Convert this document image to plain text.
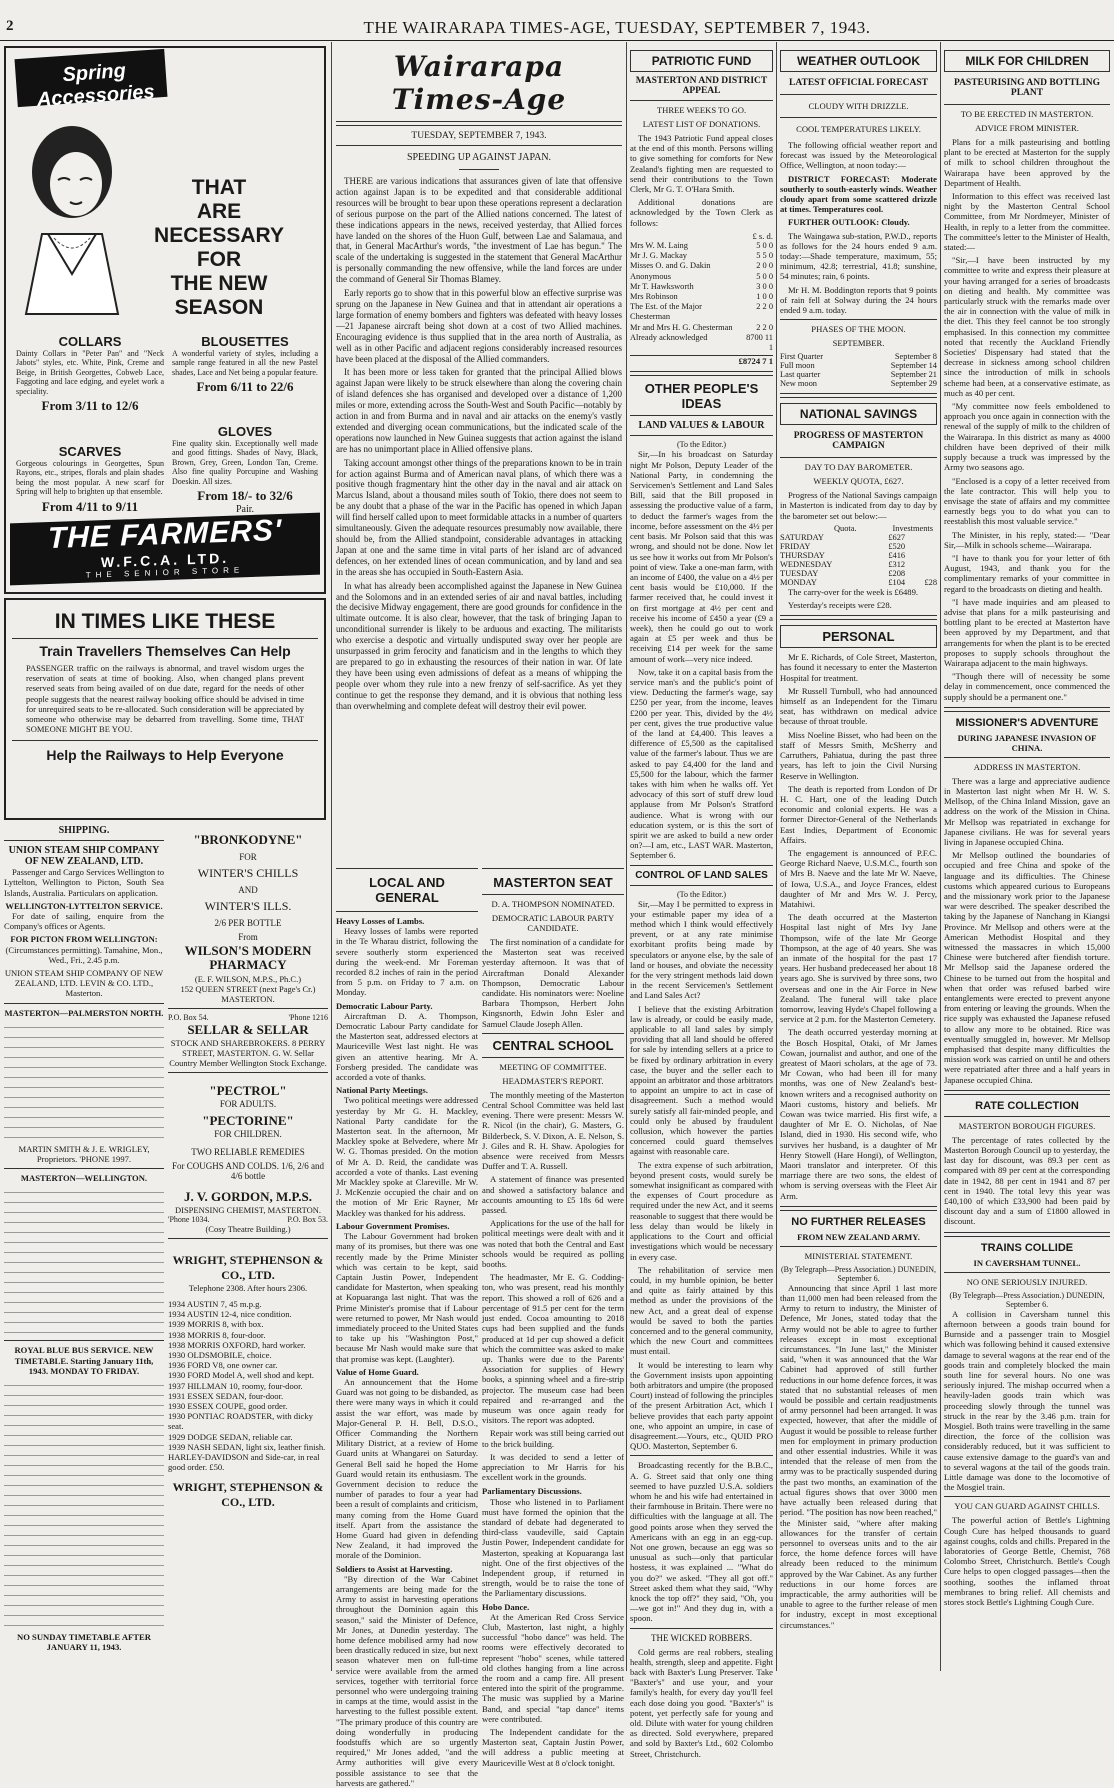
2	THE WAIRARAPA TIMES-AGE, TUESDAY, SEPTEMBER 7, 1943.
Spring Accessories
THAT
ARE
NECESSARY
FOR
THE NEW
SEASON
COLLARS
Dainty Collars in "Peter Pan" and "Neck Jabots" styles, etc. White, Pink, Creme and Beige, in British Georgettes, Cobweb Lace, Faggoting and lace edging, and eyelet work a speciality.
From 3/11 to 12/6
BLOUSETTES
A wonderful variety of styles, including a sample range featured in all the new Pastel shades, Lace and Net being a popular feature.
From 6/11 to 22/6
SCARVES
Gorgeous colourings in Georgettes, Spun Rayons, etc., stripes, florals and plain shades being the most popular. A new scarf for Spring will help to brighten up that ensemble.
From 4/11 to 9/11
GLOVES
Fine quality skin. Exceptionally well made and good fittings. Shades of Navy, Black, Brown, Grey, Green, London Tan, Creme. Also fine quality Porcupine and Washing Doeskin. All sizes.
From 18/- to 32/6
Pair.
THE FARMERS'
W.F.C.A. LTD.
THE SENIOR STORE
IN TIMES LIKE THESE
Train Travellers Themselves Can Help
PASSENGER traffic on the railways is abnormal, and travel wisdom urges the reservation of seats at time of booking. Also, when changed plans prevent reserved seats from being availed of on due date, regard for the needs of other people suggests that the nearest railway booking office should be advised in time for unrequired seats to be re-allocated. Such consideration will be appreciated by someone who otherwise may be debarred from travelling. Some time, THAT SOMEONE MIGHT BE YOU.
Help the Railways to Help Everyone
SHIPPING.
UNION STEAM SHIP COMPANY OF NEW ZEALAND, LTD.

Passenger and Cargo Services Wellington to Lyttelton, Wellington to Picton, South Sea Islands, Australia. Particulars on application.

WELLINGTON-LYTTELTON SERVICE.

For date of sailing, enquire from the Company's offices or Agents.

FOR PICTON FROM WELLINGTON:
(Circumstances permitting). Tamahine, Mon., Wed., Fri., 2.45 p.m.
UNION STEAM SHIP COMPANY OF NEW ZEALAND, LTD. LEVIN & CO. LTD., Masterton.
MASTERTON—PALMERSTON NORTH.
MARTIN SMITH & J. E. WRIGLEY, Proprietors. 'PHONE 1997.
MASTERTON—WELLINGTON.
ROYAL BLUE BUS SERVICE. NEW TIMETABLE. Starting January 11th, 1943. MONDAY TO FRIDAY.
NO SUNDAY TIMETABLE AFTER JANUARY 11, 1943.
"BRONKODYNE"
FOR
WINTER'S CHILLS
AND
WINTER'S ILLS.
2/6 PER BOTTLE
From
WILSON'S MODERN PHARMACY
(E. F. WILSON, M.P.S., Ph.C.)
152 QUEEN STREET (next Page's Cr.) MASTERTON.
P.O. Box 54.	'Phone 1216
SELLAR & SELLAR
STOCK AND SHAREBROKERS. 8 PERRY STREET, MASTERTON. G. W. Sellar Country Member Wellington Stock Exchange.
"PECTROL"
FOR ADULTS.
"PECTORINE"
FOR CHILDREN.
TWO RELIABLE REMEDIES
For COUGHS AND COLDS. 1/6, 2/6 and 4/6 bottle
J. V. GORDON, M.P.S.
DISPENSING CHEMIST, MASTERTON.
'Phone 1034.	P.O. Box 53.
(Cosy Theatre Building.)
WRIGHT, STEPHENSON & CO., LTD.
Telephone 2308. After hours 2306.
1934 AUSTIN 7, 45 m.p.g.
1934 AUSTIN 12-4, nice condition.
1939 MORRIS 8, with box.
1938 MORRIS 8, four-door.
1938 MORRIS OXFORD, hard worker.
1930 OLDSMOBILE, choice.
1936 FORD V8, one owner car.
1930 FORD Model A, well shod and kept.
1937 HILLMAN 10, roomy, four-door.
1931 ESSEX SEDAN, four-door.
1930 ESSEX COUPE, good order.
1930 PONTIAC ROADSTER, with dicky seat.
1929 DODGE SEDAN, reliable car.
1939 NASH SEDAN, light six, leather finish.
HARLEY-DAVIDSON and Side-car, in real good order. £50.
WRIGHT, STEPHENSON & CO., LTD.
Wairarapa Times-Age
TUESDAY, SEPTEMBER 7, 1943.
SPEEDING UP AGAINST JAPAN.

THERE are various indications that assurances given of late that offensive action against Japan is to be expedited and that considerable additional resources will be brought to bear upon these operations represent a declaration of serious purpose on the part of the Allied nations concerned. The latest of these indications appears in the news, received yesterday, that Allied forces have landed on the shores of the Huon Gulf, between Lae and Salamaua, and that, in General MacArthur's words, "the investment of Lae has begun." The scale of the undertaking is suggested in the statement that General MacArthur is personally commanding the new offensive, while the land forces are under the command of General Sir Thomas Blamey.

Early reports go to show that in this powerful blow an effective surprise was sprung on the Japanese in New Guinea and that in attendant air operations a large formation of enemy bombers and fighters was defeated with heavy losses—21 Japanese aircraft being shot down at a cost of two Allied machines. Encouraging evidence is thus supplied that in the area north of Australia, as well as in other Pacific and adjacent regions considerably increased resources have been placed at the disposal of the Allied commanders.

It has been more or less taken for granted that the principal Allied blows against Japan were likely to be struck elsewhere than along the covering chain of island defences she has organised and developed over a distance of 1,200 miles or more, extending across the South-West and South Pacific—notably by action in and from Burma and in naval and air attacks on the enemy's vastly extended and diverging ocean communications, but the indicated scale of the operations now launched in New Guinea suggests that action against the island are has no unimportant place in Allied offensive plans.

Taking account amongst other things of the preparations known to be in train for action against Burma and of American naval plans, of which there was a positive though fragmentary hint the other day in the naval and air attack on Marcus Island, about a thousand miles south of Tokio, there does not seem to be any doubt that a phase of the war in the Pacific has opened in which Japan will find herself called upon to meet formidable attacks in a number of quarters simultaneously. Given the adequate resources presumably now available, there should be, from the Allied standpoint, considerable advantages in attacking Japan at one and the same time in vital parts of her island arc of advanced defences, on her extended lines of ocean communication, and by land and sea in the areas she has occupied in South-Eastern Asia.

In what has already been accomplished against the Japanese in New Guinea and the Solomons and in an extended series of air and naval battles, including the decisive Midway engagement, there are good grounds for confidence in the ultimate outcome. It is also clear, however, that the task of bringing Japan to unconditional surrender is likely to be arduous and exacting. The militarists who exercise a despotic and virtually undisputed sway over her people are unsurpassed in grim ferocity and fanaticism and in the lengths to which they are prepared to go in exhausting the resources of their nation in war. Of late they have been using even admissions of defeat as a means of whipping the people over whom they rule into a new frenzy of self-sacrifice. As yet they continue to get the response they demand, and it is obvious that nothing less than overwhelming and complete defeat will destroy their evil power.

LOCAL AND GENERAL
Heavy Losses of Lambs.

Heavy losses of lambs were reported in the Te Wharau district, following the severe southerly storm experienced during the week-end. Mr Foreman recorded 8.2 inches of rain in the period from 5 p.m. on Friday to 7 a.m. on Monday.

Democratic Labour Party.

Aircraftman D. A. Thompson, Democratic Labour Party candidate for the Masterton seat, addressed electors at Mauriceville West last night. He was given an attentive hearing. Mr A. Forsberg presided. The candidate was accorded a vote of thanks.

National Party Meetings.

Two political meetings were addressed yesterday by Mr G. H. Mackley, National Party candidate for the Masterton seat. In the afternoon, Mr Mackley spoke at Belvedere, where Mr W. G. Thomas presided. On the motion of Mr A. D. Reid, the candidate was accorded a vote of thanks. Last evening Mr Mackley spoke at Clareville. Mr W. J. McKenzie occupied the chair and on the motion of Mr Eric Rayner, Mr Mackley was thanked for his address.

Labour Government Promises.

The Labour Government had broken many of its promises, but there was one recently made by the Prime Minister which was certain to be kept, said Captain Justin Power, Independent candidate for Masterton, when speaking at Kopuaranga last night. That was the Prime Minister's promise that if Labour were returned to power, Mr Nash would immediately proceed to the United States to take up his "Washington Post," because Mr Nash would make sure that that promise was kept. (Laughter).

Value of Home Guard.

An announcement that the Home Guard was not going to be disbanded, as there were many ways in which it could assist the war effort, was made by Major-General P. H. Bell, D.S.O., Officer Commanding the Northern Military District, at a review of Home Guard units at Whangarei on Saturday. General Bell said he hoped the Home Guard would retain its enthusiasm. The Government decision to reduce the number of parades to four a year had been a result of complaints and criticism, many coming from the Home Guard itself. Apart from the assistance the Home Guard had given in defending New Zealand, it had improved the morale of the Dominion.

Soldiers to Assist at Harvesting.

"By direction of the War Cabinet arrangements are being made for the Army to assist in harvesting operations throughout the Dominion again this season," said the Minister of Defence, Mr Jones, at Dunedin yesterday. The home defence mobilised army had now been drastically reduced in size, but next season whatever men on full-time service were available from the armed services, together with territorial force personnel who were undergoing training in camps at the time, would assist in the harvesting to the fullest possible extent. "The primary produce of this country are doing wonderfully in producing foodstuffs which are so urgently required," Mr Jones added, "and the Army authorities will give every possible assistance to see that the harvests are gathered."

MASTERTON SEAT
D. A. THOMPSON NOMINATED.
DEMOCRATIC LABOUR PARTY CANDIDATE.

The first nomination of a candidate for the Masterton seat was received yesterday afternoon. It was that of Aircraftman Donald Alexander Thompson, Democratic Labour candidate. His nominators were: Noeline Barbara Thompson, Herbert John Kingsnorth, Edwin John Esler and Samuel Claude Joseph Allen.

CENTRAL SCHOOL
MEETING OF COMMITTEE.
HEADMASTER'S REPORT.

The monthly meeting of the Masterton Central School Committee was held last evening. There were present: Messrs W. R. Nicol (in the chair), G. Masters, G. Bilderbeck, S. V. Dixon, A. E. Nelson, S. J. Giles and R. H. Shaw. Apologies for absence were received from Messrs Duffer and T. A. Russell.

A statement of finance was presented and showed a satisfactory balance and accounts amounting to £5 18s 6d were passed.

Applications for the use of the hall for political meetings were dealt with and it was noted that both the Central and East schools would be required as polling booths.

The headmaster, Mr E. G. Codding-ton, who was present, read his monthly report. This showed a roll of 626 and a percentage of 91.5 per cent for the term just ended. Cocoa amounting to 2018 cups had been supplied and the funds produced at 1d per cup showed a deficit which the committee was asked to make up. Thanks were due to the Parents' Association for supplies of Hewry books, a spinning wheel and a fire-strip projector. The museum case had been repaired and re-arranged and the museum was once again ready for visitors. The report was adopted.

Repair work was still being carried out to the brick building.

It was decided to send a letter of appreciation to Mr Harris for his excellent work in the grounds.

Parliamentary Discussions.

Those who listened in to Parliament must have formed the opinion that the standard of debate had degenerated to third-class vaudeville, said Captain Justin Power, Independent candidate for Masterton, speaking at Kopuaranga last night. One of the first objectives of the Independent group, if returned in strength, would be to raise the tone of the Parliamentary discussions.

Hobo Dance.

At the American Red Cross Service Club, Masterton, last night, a highly successful "hobo dance" was held. The rooms were effectively decorated to represent "hobo" scenes, while tattered old clothes hanging from a line across the room and a camp fire. All present entered into the spirit of the programme. The music was supplied by a Marine Band, and special "tap dance" items were contributed.

The Independent candidate for the Masterton seat, Captain Justin Power, will address a public meeting at Mauriceville West at 8 o'clock tonight.

PATRIOTIC FUND
MASTERTON AND DISTRICT APPEAL
THREE WEEKS TO GO.
LATEST LIST OF DONATIONS.

The 1943 Patriotic Fund appeal closes at the end of this month. Persons willing to give something for comforts for New Zealand's fighting men are requested to send their contributions to the Town Clerk, Mr G. T. O'Hara Smith.

Additional donations are acknowledged by the Town Clerk as follows:

£ s. d.
Mrs W. M. Laing	5 0 0
Mr J. G. Mackay	5 5 0
Misses O. and G. Dakin	2 0 0
Anonymous	5 0 0
Mr T. Hawksworth	3 0 0
Mrs Robinson	1 0 0
The Est. of the Major Chesterman	2 2 0
Mr and Mrs H. G. Chesterman	2 2 0
Already acknowledged	8700 11 1
£8724 7 1
OTHER PEOPLE'S IDEAS
LAND VALUES & LABOUR
(To the Editor.)

Sir,—In his broadcast on Saturday night Mr Polson, Deputy Leader of the National Party, in condemning the Servicemen's Settlement and Land Sales Bill, said that the Bill proposed in assessing the productive value of a farm, to deduct the farmer's wages from the income, before assessment on the 4½ per cent basis. Mr Polson said that this was wrong, and should not be done. Now let us see how it works out from Mr Polson's point of view. Take a one-man farm, with an income of £400, the value on a 4½ per cent basis would be £10,000. If the farmer received that, he could invest it on first mortgage at 4½ per cent and receive his income of £450 a year (£9 a week), then he could go out to work again at £5 per week and thus be receiving £14 per week for the same amount of work—very nice indeed.

Now, take it on a capital basis from the service man's and the public's point of view. Deducting the farmer's wage, say £250 per year, from the income, leaves £200 per year. This, divided by the 4½ per cent, gives the true productive value of the land at £4,400. This leaves a difference of £5,500 as the capitalised value of the farmer's labour. Thus we are asked to pay £4,400 for the land and £5,500 for the labour, which the farmer takes with him when he walks off. Yet advocacy of this sort of stuff drew loud applause from Mr Polson's Stratford audience. What is wrong with our education system, or is this the sort of spirit we are asked to build a new order on?—I am, etc., LAST WAR. Masterton, September 6.

CONTROL OF LAND SALES
(To the Editor.)

Sir,—May I be permitted to express in your estimable paper my idea of a method which I think would effectively prevent, or at any rate minimise exorbitant profits being made by speculators or anyone else, by the sale of land or houses, and obviate the necessity for the very stringent methods laid down in the recent Servicemen's Settlement and Land Sales Act?

I believe that the existing Arbitration law is already, or could be easily made, applicable to all land sales by simply providing that all land should be offered for sale by intending sellers at a price to be fixed by ordinary arbitration in every case, the buyer and the seller each to appoint an arbitrator and those arbitrators to appoint an umpire to act in case of disagreement. Such a method would surely satisfy all fair-minded people, and could only be abused by fraudulent collusion, which however the parties concerned could guard themselves against with reasonable care.

The extra expense of such arbitration, beyond present costs, would surely be somewhat insignificant as compared with the expenses of Court procedure as required under the new Act, and it seems reasonable to suggest that there would be less delay than would be likely in applications to the Court and official investigations which would be necessary in every case.

The rehabilitation of service men could, in my humble opinion, be better and quite as fairly attained by this method as under the provisions of the new Act, and a great deal of expense would be saved to both the parties concerned and to the general community, which the new Court and committees must entail.

It would be interesting to learn why the Government insists upon appointing both arbitrators and umpire (the proposed Court) instead of following the principles of the present Arbitration Act, which I believe provides that each party appoint one, who appoint an umpire, in case of disagreement.—Yours, etc., QUID PRO QUO. Masterton, September 6.

Broadcasting recently for the B.B.C., A. G. Street said that only one thing seemed to have puzzled U.S.A. soldiers whom he and his wife had entertained in their farmhouse in Britain. There were no difficulties with the language at all. The good points arose when they served the Americans with an egg in an egg-cup. Not one grown, because an egg was so unusual as such—only that particular hostess, it was explained ... "What do you do?" we asked. "They all got off." Street asked them what they said, "Why knock the top off?" they said, "Oh, you—we got in!" And they dug in, with a spoon.

THE WICKED ROBBERS.

Cold germs are real robbers, stealing health, strength, sleep and appetite. Fight back with Baxter's Lung Preserver. Take "Baxter's" and use your, and your family's health, for every day you'll feel each dose doing you good. "Baxter's" is potent, yet perfectly safe for young and old. Dilute with water for young children as directed. Sold everywhere, prepared and sold by Baxter's Ltd., 602 Colombo Street, Christchurch.

WEATHER OUTLOOK
LATEST OFFICIAL FORECAST
CLOUDY WITH DRIZZLE.
COOL TEMPERATURES LIKELY.

The following official weather report and forecast was issued by the Meteorological Office, Wellington, at noon today:—

DISTRICT FORECAST: Moderate southerly to south-easterly winds. Weather cloudy apart from some scattered drizzle at times. Temperatures cool.

FURTHER OUTLOOK: Cloudy.

The Waingawa sub-station, P.W.D., reports as follows for the 24 hours ended 9 a.m. today:—Shade temperature, maximum, 55; minimum, 42.8; terrestrial, 41.8; sunshine, 54 minutes; rain, 6 points.

Mr H. M. Boddington reports that 9 points of rain fell at Solway during the 24 hours ended 9 a.m. today.

PHASES OF THE MOON.
SEPTEMBER.
First Quarter	September 8
Full moon	September 14
Last quarter	September 21
New moon	September 29
NATIONAL SAVINGS
PROGRESS OF MASTERTON CAMPAIGN
DAY TO DAY BAROMETER.
WEEKLY QUOTA, £627.

Progress of the National Savings campaign in Masterton is indicated from day to day by the barometer set out below:—

Quota.	Investments
SATURDAY	£627	
FRIDAY	£520	
THURSDAY	£416	
WEDNESDAY	£312	
TUESDAY	£208	
MONDAY	£104	£28

The carry-over for the week is £6489.

Yesterday's receipts were £28.

PERSONAL

Mr E. Richards, of Cole Street, Masterton, has found it necessary to enter the Masterton Hospital for treatment.

Mr Russell Turnbull, who had announced himself as an Independent for the Timaru seat, has withdrawn on medical advice because of throat trouble.

Miss Noeline Bisset, who had been on the staff of Messrs Smith, McSherry and Carruthers, Pahiatua, during the past three years, has left to join the Civil Nursing Reserve in Wellington.

The death is reported from London of Dr H. C. Hart, one of the leading Dutch economic and colonial experts. He was a former Director-General of the Netherlands East Indies, Department of Economic Affairs.

The engagement is announced of P.F.C. George Richard Naeve, U.S.M.C., fourth son of Mrs B. Naeve and the late Mr W. Naeve, of Iowa, U.S.A., and Joyce Frances, eldest daughter of Mr and Mrs W. J. Percy, Matahiwi.

The death occurred at the Masterton Hospital last night of Mrs Ivy Jane Thompson, wife of the late Mr George Thompson, at the age of 40 years. She was an inmate of the hospital for the past 17 years. Her husband predeceased her about 18 years ago. She is survived by three sons, two overseas and one in the Air Force in New Zealand. The funeral will take place tomorrow, leaving Hyde's Chapel following a service at 2 p.m. for the Masterton Cemetery.

The death occurred yesterday morning at the Bosch Hospital, Otaki, of Mr James Cowan, journalist and author, and one of the greatest of Maori scholars, at the age of 73. Mr Cowan, who had been ill for many months, was one of New Zealand's best-known writers and a recognised authority on Maori customs, history and beliefs. Mr Cowan was twice married. His first wife, a daughter of Mr E. O. Nicholas, of Nae Island, died in 1930. His second wife, who survives her husband, is a daughter of Mr Henry Stowell (Hare Hongi), of Wellington, Maori translator and interpreter. Of this marriage there are two sons, the eldest of whom is serving overseas with the Fleet Air Arm.

NO FURTHER RELEASES
FROM NEW ZEALAND ARMY.
MINISTERIAL STATEMENT.
(By Telegraph—Press Association.) DUNEDIN, September 6.

Announcing that since April 1 last more than 11,000 men had been released from the Army to return to industry, the Minister of Defence, Mr Jones, stated today that the Army would not be able to agree to further releases except in most exceptional circumstances. "In June last," the Minister said, "when it was announced that the War Cabinet had approved of still further reductions in our home defence forces, it was stated that no substantial releases of men would be possible and certain readjustments of army personnel had been arranged. It was expected, however, that after the middle of August it would be possible to release further men for employment in primary production and other essential industries. While it was intended that the release of men from the army was to be practically suspended during the past two months, an examination of the actual figures shows that over 3000 men have actually been released during that period. "The position has now been reached," the Minister said, "where after making allowances for the transfer of certain personnel to overseas units and to the air force, the home defence forces will have already been reduced to the minimum approved by the War Cabinet. As any further reductions in our home forces are impracticable, the army authorities will be unable to agree to the further release of men for industry, except in most exceptional circumstances."

MILK FOR CHILDREN
PASTEURISING AND BOTTLING PLANT
TO BE ERECTED IN MASTERTON.
ADVICE FROM MINISTER.

Plans for a milk pasteurising and bottling plant to be erected at Masterton for the supply of milk to school children throughout the Wairarapa have been approved by the Department of Health.

Information to this effect was received last night by the Masterton Central School Committee, from Mr Nordmeyer, Minister of Health, in reply to a letter from the committee. The committee's letter to the Minister of Health, stated:—

"Sir,—I have been instructed by my committee to write and express their pleasure at your having arranged for a series of broadcasts on dieting and health. My committee was particularly struck with the remarks made over the air in connection with the value of milk in the diet. This they feel cannot be too strongly emphasised. In this connection my committee noted that recently the Auckland Friendly Societies' Dispensary had stated that the decrease in sickness among school children since the introduction of milk in schools scheme had been, at a conservative estimate, as much as 40 per cent.

"My committee now feels emboldened to approach you once again in connection with the renewal of the supply of milk to the children of the Wairarapa. In this district as many as 4000 children have been deprived of their milk supply because a truck was impressed by the Army two seasons ago.

"Enclosed is a copy of a letter received from the late contractor. This will help you to envisage the state of affairs and my committee earnestly begs you to do what you can to reestablish this most valuable service."

The Minister, in his reply, stated:— "Dear Sir,—Milk in schools scheme—Wairarapa.

"I have to thank you for your letter of 6th August, 1943, and thank you for the complimentary remarks of your committee in regard to the broadcasts on dieting and health.

"I have made inquiries and am pleased to advise that plans for a milk pasteurising and bottling plant to be erected at Masterton have been approved by my Department, and that arrangements for when the plant is to be erected proposes to supply schools throughout the Wairarapa adjacent to the main highways.

"Though there will of necessity be some delay in commencement, once commenced the supply should be a permanent one."

MISSIONER'S ADVENTURE
DURING JAPANESE INVASION OF CHINA.
ADDRESS IN MASTERTON.

There was a large and appreciative audience in Masterton last night when Mr H. W. S. Mellsop, of the China Inland Mission, gave an address on the work of the Mission in China. Mr Mellsop was repatriated in exchange for Japanese civilians. He was for several years living in Japanese occupied China.

Mr Mellsop outlined the boundaries of occupied and free China and spoke of the language and its difficulties. The Chinese customs which appeared curious to Europeans and the missionary work prior to the Japanese war were described. The speaker described the taking by the Japanese of Nanchang in Kiangsi Province. Mr Mellsop and others were at the American Methodist Hospital and they witnessed the massacres in which 15,000 Chinese were butchered after fiendish torture. Mr Mellsop said the Japanese ordered the Chinese to be turned out from the hospital and when that order was refused barbed wire entanglements were erected to prevent anyone from entering or leaving the grounds. When the rice supply was exhausted the Japanese refused to allow any more to be obtained. Rice was eventually smuggled in, however. Mr Mellsop emphasised that despite many difficulties the mission work was carried on until he and others were repatriated after three and a half years in Japanese occupied China.

RATE COLLECTION
MASTERTON BOROUGH FIGURES.

The percentage of rates collected by the Masterton Borough Council up to yesterday, the last day for discount, was 89.3 per cent as compared with 89 per cent at the corresponding date in 1942, 88 per cent in 1941 and 87 per cent in 1940. The total levy this year was £40,100 of which £33,900 had been paid by discount day and a sum of £1800 allowed in discount.

TRAINS COLLIDE
IN CAVERSHAM TUNNEL.
NO ONE SERIOUSLY INJURED.
(By Telegraph—Press Association.) DUNEDIN, September 6.

A collision in Caversham tunnel this afternoon between a goods train bound for Burnside and a passenger train to Mosgiel which was following behind it caused extensive damage to several wagons at the rear end of the goods train and completely blocked the main south line for several hours. No one was seriously injured. The mishap occurred when a heavily-laden goods train which was proceeding slowly through the tunnel was struck in the rear by the 3.46 p.m. train for Mosgiel. Both trains were travelling in the same direction, the force of the collision was considerably reduced, but it was sufficient to cause extensive damage to the guard's van and to several wagons at the tail of the goods train. Little damage was done to the locomotive of the Mosgiel train.

YOU CAN GUARD AGAINST CHILLS.

The powerful action of Bettle's Lightning Cough Cure has helped thousands to guard against coughs, colds and chills. Prepared in the laboratories of George Bettle, Chemist, 768 Colombo Street, Christchurch. Bettle's Cough Cure helps to open clogged passages—then the soothing, soothes the inflamed throat membranes to bring relief. All chemists and stores stock Bettle's Lightning Cough Cure.
